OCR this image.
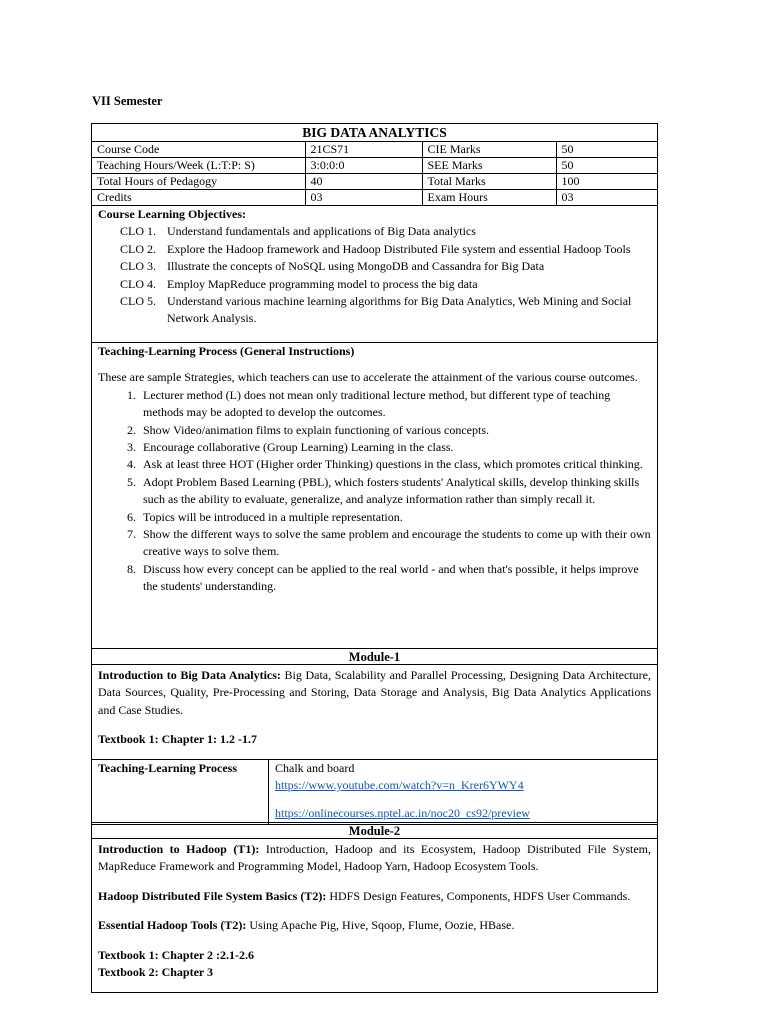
VII Semester
BIG DATA ANALYTICS
Course Code	21CS71	CIE Marks	50
Teaching Hours/Week (L:T:P: S)	3:0:0:0	SEE Marks	50
Total Hours of Pedagogy	40	Total Marks	100
Credits	03	Exam Hours	03
Course Learning Objectives:
CLO 1. Understand fundamentals and applications of Big Data analytics
CLO 2. Explore the Hadoop framework and Hadoop Distributed File system and essential Hadoop Tools
CLO 3. Illustrate the concepts of NoSQL using MongoDB and Cassandra for Big Data
CLO 4. Employ MapReduce programming model to process the big data
CLO 5. Understand various machine learning algorithms for Big Data Analytics, Web Mining and Social Network Analysis.
Teaching-Learning Process (General Instructions)
These are sample Strategies, which teachers can use to accelerate the attainment of the various course outcomes.
1. Lecturer method (L) does not mean only traditional lecture method, but different type of teaching methods may be adopted to develop the outcomes.
2. Show Video/animation films to explain functioning of various concepts.
3. Encourage collaborative (Group Learning) Learning in the class.
4. Ask at least three HOT (Higher order Thinking) questions in the class, which promotes critical thinking.
5. Adopt Problem Based Learning (PBL), which fosters students' Analytical skills, develop thinking skills such as the ability to evaluate, generalize, and analyze information rather than simply recall it.
6. Topics will be introduced in a multiple representation.
7. Show the different ways to solve the same problem and encourage the students to come up with their own creative ways to solve them.
8. Discuss how every concept can be applied to the real world - and when that's possible, it helps improve the students' understanding.
Module-1

Introduction to Big Data Analytics: Big Data, Scalability and Parallel Processing, Designing Data Architecture, Data Sources, Quality, Pre-Processing and Storing, Data Storage and Analysis, Big Data Analytics Applications and Case Studies.

Textbook 1: Chapter 1: 1.2 -1.7
Teaching-Learning Process	Chalk and board
https://www.youtube.com/watch?v=n_Krer6YWY4
https://onlinecourses.nptel.ac.in/noc20_cs92/preview
Module-2

Introduction to Hadoop (T1): Introduction, Hadoop and its Ecosystem, Hadoop Distributed File System, MapReduce Framework and Programming Model, Hadoop Yarn, Hadoop Ecosystem Tools.

Hadoop Distributed File System Basics (T2): HDFS Design Features, Components, HDFS User Commands.

Essential Hadoop Tools (T2): Using Apache Pig, Hive, Sqoop, Flume, Oozie, HBase.

Textbook 1: Chapter 2 :2.1-2.6
Textbook 2: Chapter 3
